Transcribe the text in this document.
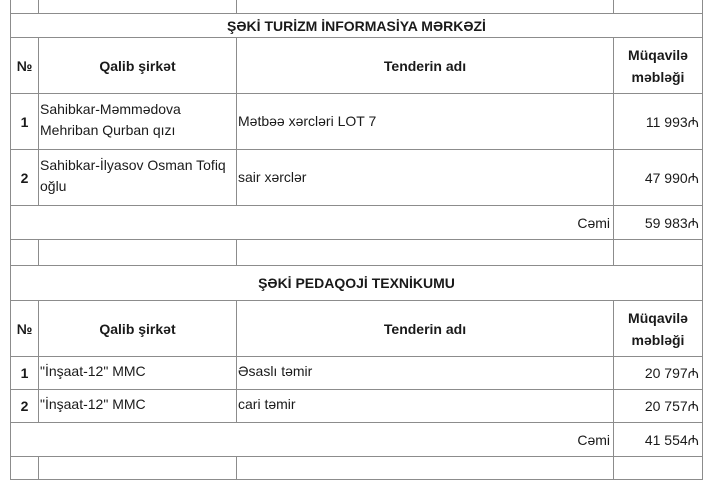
ŞƏKİ TURİZM İNFORMASİYA MƏRKƏZİ
№	Qalib şirkət	Tenderin adı
Müqavilə
məbləği
1
Sahibkar-Məmmədova Mehriban Qurban qızı
Mətbəə xərcləri LOT 7	11 993₼
2
Sahibkar-İlyasov Osman Tofiq oğlu
sair xərclər	47 990₼
Cəmi	59 983₼
ŞƏKİ PEDAQOJİ TEXNİKUMU
№	Qalib şirkət	Tenderin adı
Müqavilə
məbləği
1 "İnşaat-12" MMC	Əsaslı təmir	20 797₼
2 "İnşaat-12" MMC	cari təmir	20 757₼
Cəmi	41 554₼
